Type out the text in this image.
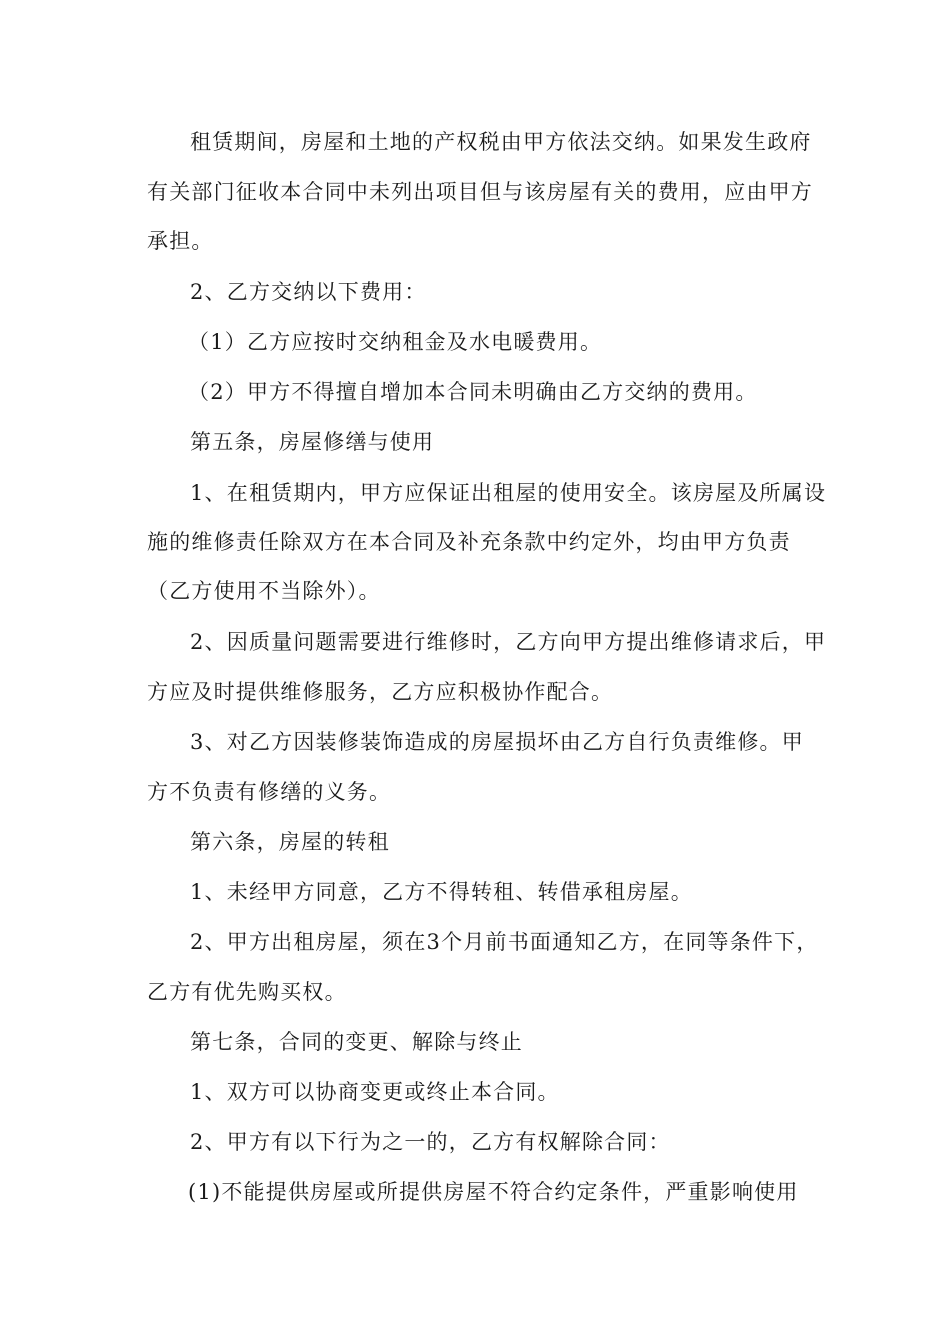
租赁期间，房屋和土地的产权税由甲方依法交纳。如果发生政府
有关部门征收本合同中未列出项目但与该房屋有关的费用，应由甲方
承担。
2、乙方交纳以下费用：
（1）乙方应按时交纳租金及水电暖费用。
（2）甲方不得擅自增加本合同未明确由乙方交纳的费用。
第五条，房屋修缮与使用
1、在租赁期内，甲方应保证出租屋的使用安全。该房屋及所属设
施的维修责任除双方在本合同及补充条款中约定外，均由甲方负责
（乙方使用不当除外）。
2、因质量问题需要进行维修时，乙方向甲方提出维修请求后，甲
方应及时提供维修服务，乙方应积极协作配合。
3、对乙方因装修装饰造成的房屋损坏由乙方自行负责维修。甲
方不负责有修缮的义务。
第六条，房屋的转租
1、未经甲方同意，乙方不得转租、转借承租房屋。
2、甲方出租房屋，须在3个月前书面通知乙方，在同等条件下，
乙方有优先购买权。
第七条，合同的变更、解除与终止
1、双方可以协商变更或终止本合同。
2、甲方有以下行为之一的，乙方有权解除合同：
(1)不能提供房屋或所提供房屋不符合约定条件，严重影响使用
